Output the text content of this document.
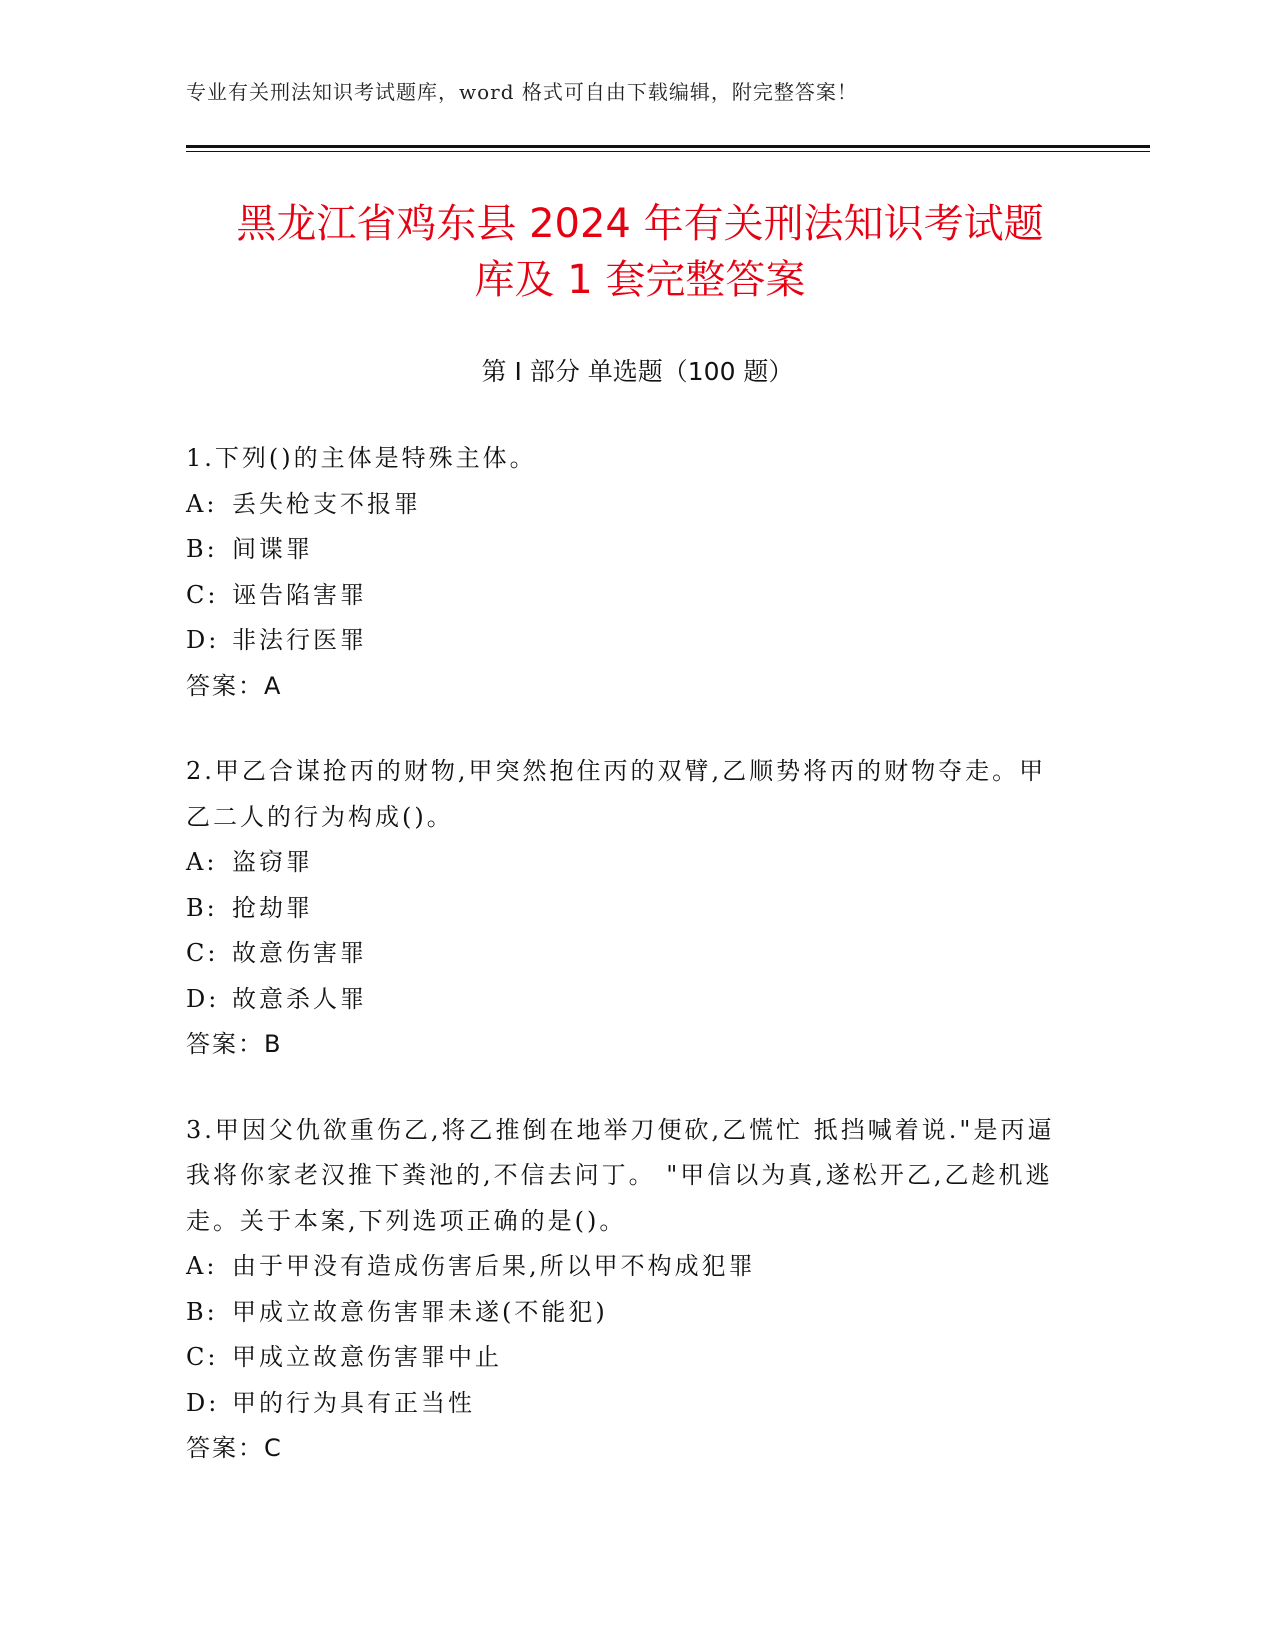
专业有关刑法知识考试题库，word 格式可自由下载编辑，附完整答案！
黑龙江省鸡东县 2024 年有关刑法知识考试题
库及 1 套完整答案
第 I 部分 单选题（100 题）
1.下列()的主体是特殊主体。
A: 丢失枪支不报罪
B: 间谍罪
C: 诬告陷害罪
D: 非法行医罪
答案：A
2.甲乙合谋抢丙的财物,甲突然抱住丙的双臂,乙顺势将丙的财物夺走。甲乙二人的行为构成()。
A: 盗窃罪
B: 抢劫罪
C: 故意伤害罪
D: 故意杀人罪
答案：B
3.甲因父仇欲重伤乙,将乙推倒在地举刀便砍,乙慌忙 抵挡喊着说."是丙逼我将你家老汉推下粪池的,不信去问丁。 "甲信以为真,遂松开乙,乙趁机逃走。关于本案,下列选项正确的是()。
A: 由于甲没有造成伤害后果,所以甲不构成犯罪
B: 甲成立故意伤害罪未遂(不能犯)
C: 甲成立故意伤害罪中止
D: 甲的行为具有正当性
答案：C
